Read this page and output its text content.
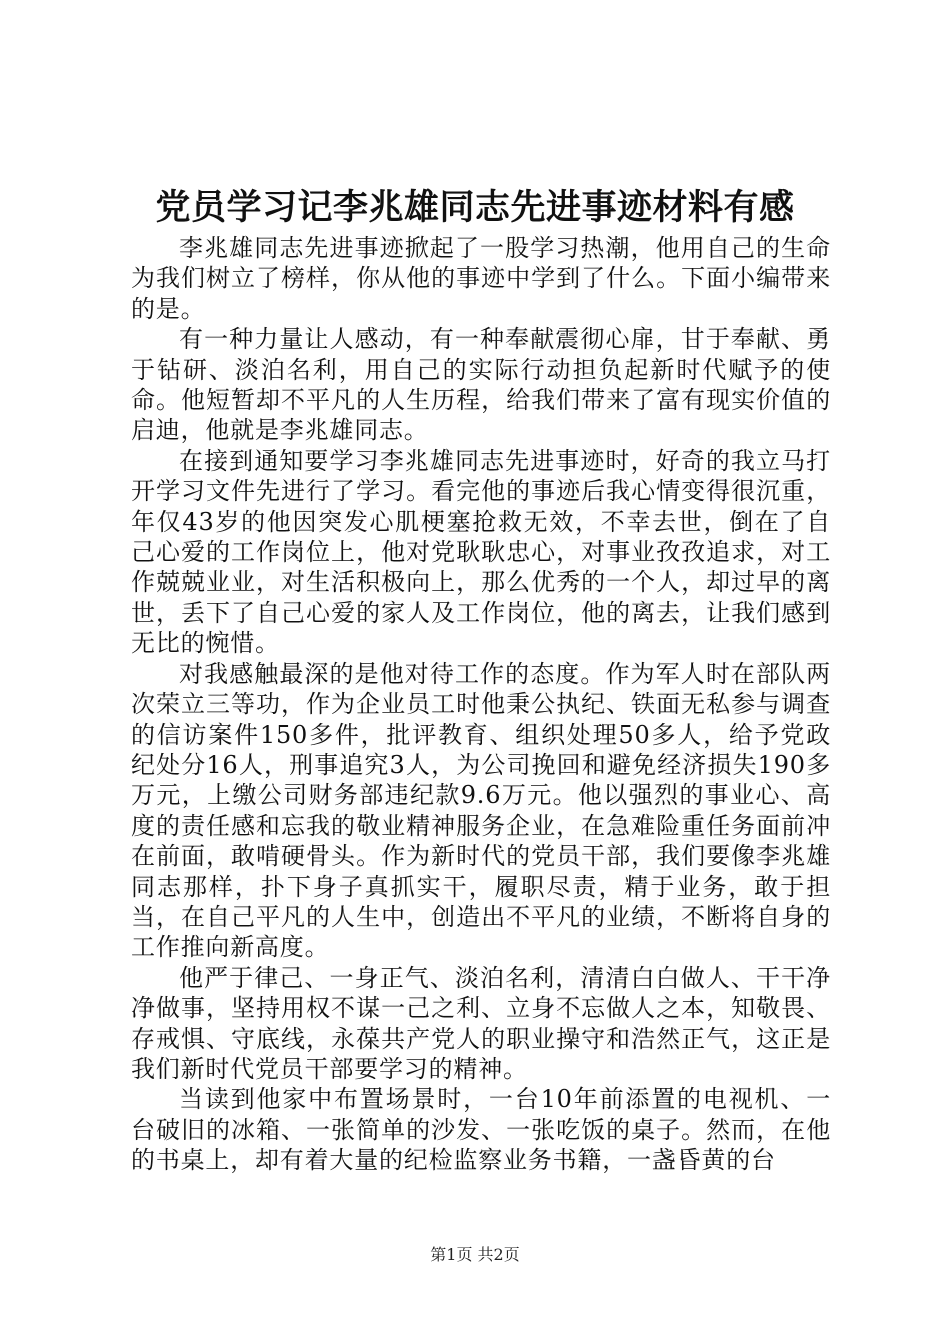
党员学习记李兆雄同志先进事迹材料有感

李兆雄同志先进事迹掀起了一股学习热潮，他用自己的生命为我们树立了榜样，你从他的事迹中学到了什么。下面小编带来的是。

有一种力量让人感动，有一种奉献震彻心扉，甘于奉献、勇于钻研、淡泊名利，用自己的实际行动担负起新时代赋予的使命。他短暂却不平凡的人生历程，给我们带来了富有现实价值的启迪，他就是李兆雄同志。

在接到通知要学习李兆雄同志先进事迹时，好奇的我立马打开学习文件先进行了学习。看完他的事迹后我心情变得很沉重，年仅43岁的他因突发心肌梗塞抢救无效，不幸去世，倒在了自己心爱的工作岗位上，他对党耿耿忠心，对事业孜孜追求，对工作兢兢业业，对生活积极向上，那么优秀的一个人，却过早的离世，丢下了自己心爱的家人及工作岗位，他的离去，让我们感到无比的惋惜。

对我感触最深的是他对待工作的态度。作为军人时在部队两次荣立三等功，作为企业员工时他秉公执纪、铁面无私参与调查的信访案件150多件，批评教育、组织处理50多人，给予党政纪处分16人，刑事追究3人，为公司挽回和避免经济损失190多万元，上缴公司财务部违纪款9.6万元。他以强烈的事业心、高度的责任感和忘我的敬业精神服务企业，在急难险重任务面前冲在前面，敢啃硬骨头。作为新时代的党员干部，我们要像李兆雄同志那样，扑下身子真抓实干，履职尽责，精于业务，敢于担当，在自己平凡的人生中，创造出不平凡的业绩，不断将自身的工作推向新高度。

他严于律己、一身正气、淡泊名利，清清白白做人、干干净净做事，坚持用权不谋一己之利、立身不忘做人之本，知敬畏、存戒惧、守底线，永葆共产党人的职业操守和浩然正气，这正是我们新时代党员干部要学习的精神。

当读到他家中布置场景时，一台10年前添置的电视机、一台破旧的冰箱、一张简单的沙发、一张吃饭的桌子。然而，在他的书桌上，却有着大量的纪检监察业务书籍，一盏昏黄的台

第1页 共2页
